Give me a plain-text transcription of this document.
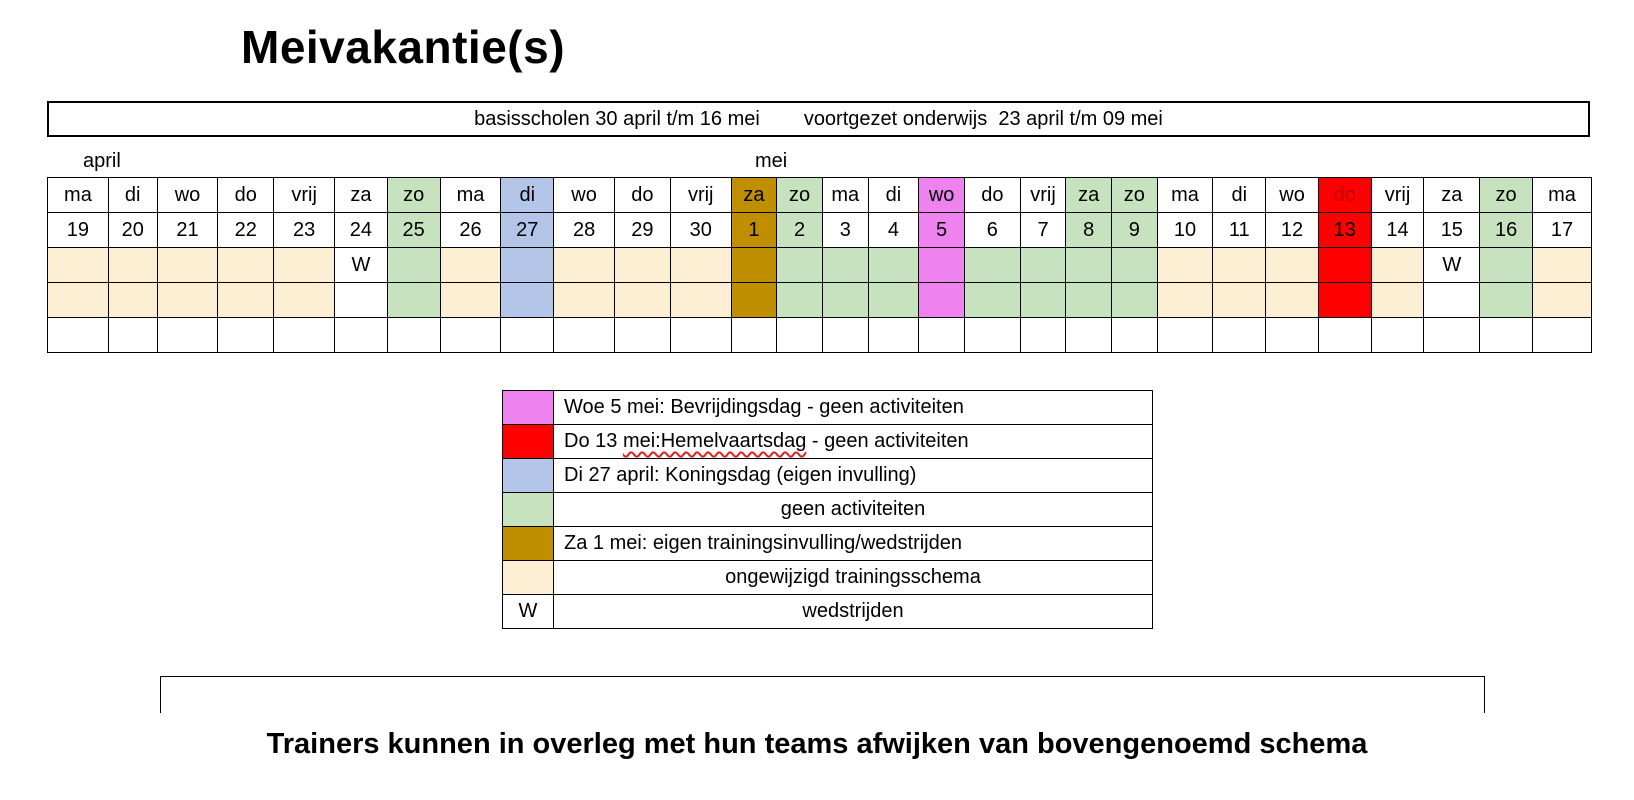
Meivakantie(s)
basisscholen 30 april t/m 16 mei voortgezet onderwijs  23 april t/m 09 mei
april	mei
ma	di	wo	do	vrij	za	zo	ma	di	wo	do	vrij	za	zo	ma	di	wo	do	vrij	za	zo	ma	di	wo	do	vrij	za	zo	ma
19	20	21	22	23	24	25	26	27	28	29	30	1	2	3	4	5	6	7	8	9	10	11	12	13	14	15	16	17
					W																					W		

	Woe 5 mei: Bevrijdingsdag - geen activiteiten
	Do 13 mei:Hemelvaartsdag - geen activiteiten
	Di 27 april: Koningsdag (eigen invulling)
	geen activiteiten
	Za 1 mei: eigen trainingsinvulling/wedstrijden
	ongewijzigd trainingsschema
W	wedstrijden
Trainers kunnen in overleg met hun teams afwijken van bovengenoemd schema
